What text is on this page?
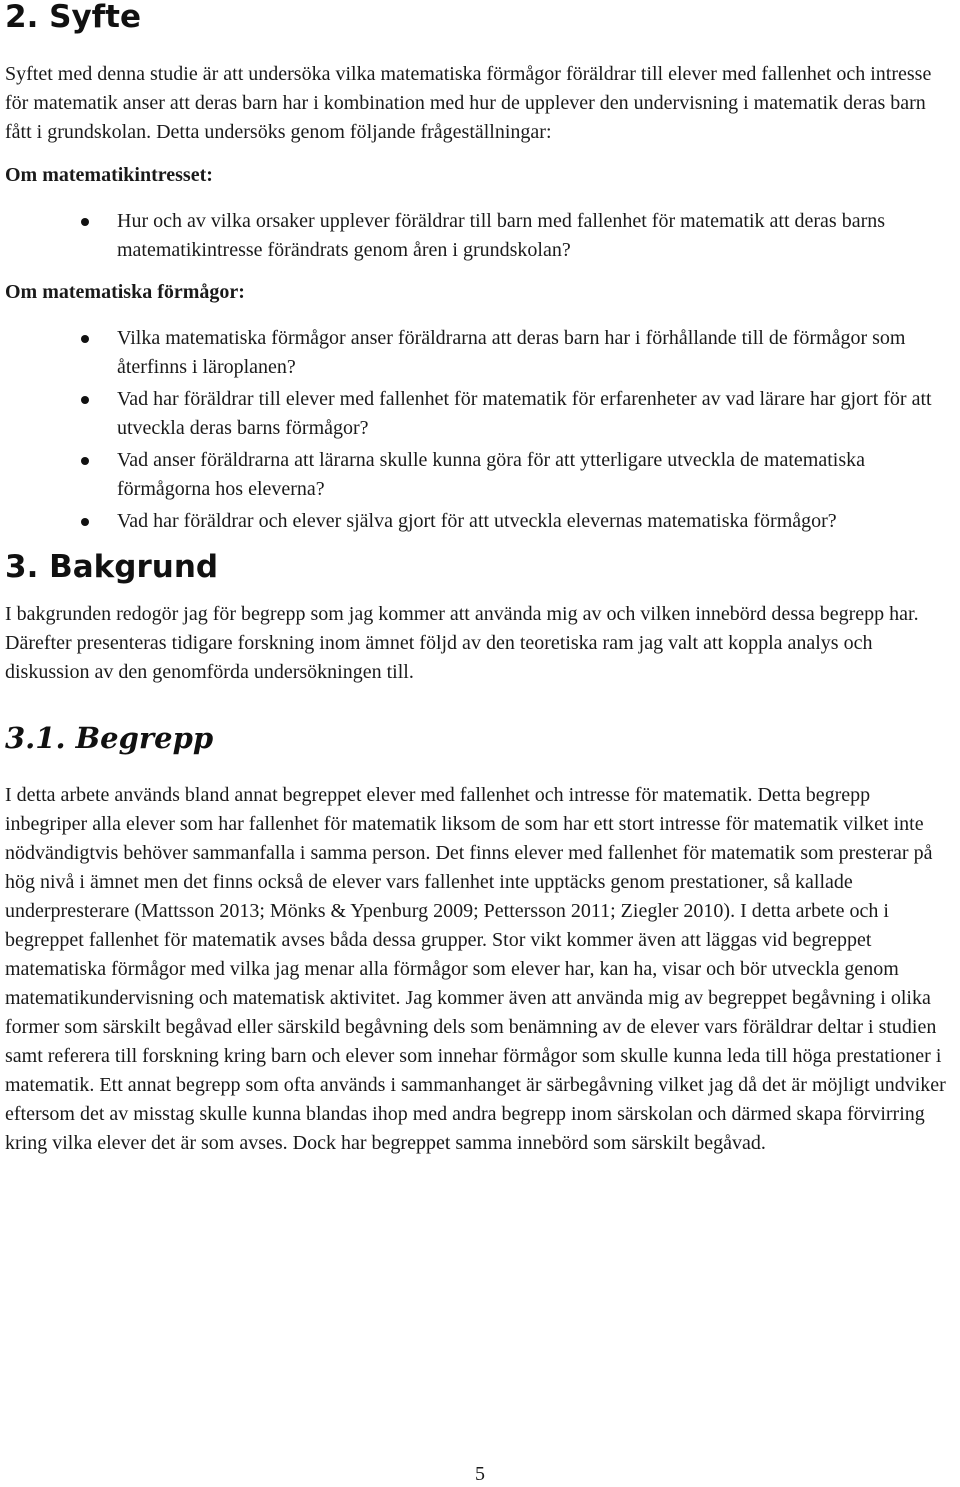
2. Syfte

Syftet med denna studie är att undersöka vilka matematiska förmågor föräldrar till elever med fallenhet och intresse för matematik anser att deras barn har i kombination med hur de upplever den undervisning i matematik deras barn fått i grundskolan. Detta undersöks genom följande frågeställningar:

Om matematikintresset:

Hur och av vilka orsaker upplever föräldrar till barn med fallenhet för matematik att deras barns matematikintresse förändrats genom åren i grundskolan?

Om matematiska förmågor:

Vilka matematiska förmågor anser föräldrarna att deras barn har i förhållande till de förmågor som återfinns i läroplanen?
Vad har föräldrar till elever med fallenhet för matematik för erfarenheter av vad lärare har gjort för att utveckla deras barns förmågor?
Vad anser föräldrarna att lärarna skulle kunna göra för att ytterligare utveckla de matematiska förmågorna hos eleverna?
Vad har föräldrar och elever själva gjort för att utveckla elevernas matematiska förmågor?
3. Bakgrund

I bakgrunden redogör jag för begrepp som jag kommer att använda mig av och vilken innebörd dessa begrepp har. Därefter presenteras tidigare forskning inom ämnet följd av den teoretiska ram jag valt att koppla analys och diskussion av den genomförda undersökningen till.

3.1. Begrepp

I detta arbete används bland annat begreppet elever med fallenhet och intresse för matematik. Detta begrepp inbegriper alla elever som har fallenhet för matematik liksom de som har ett stort intresse för matematik vilket inte nödvändigtvis behöver sammanfalla i samma person. Det finns elever med fallenhet för matematik som presterar på hög nivå i ämnet men det finns också de elever vars fallenhet inte upptäcks genom prestationer, så kallade underpresterare (Mattsson 2013; Mönks & Ypenburg 2009; Pettersson 2011; Ziegler 2010). I detta arbete och i begreppet fallenhet för matematik avses båda dessa grupper. Stor vikt kommer även att läggas vid begreppet matematiska förmågor med vilka jag menar alla förmågor som elever har, kan ha, visar och bör utveckla genom matematikundervisning och matematisk aktivitet. Jag kommer även att använda mig av begreppet begåvning i olika former som särskilt begåvad eller särskild begåvning dels som benämning av de elever vars föräldrar deltar i studien samt referera till forskning kring barn och elever som innehar förmågor som skulle kunna leda till höga prestationer i matematik. Ett annat begrepp som ofta används i sammanhanget är särbegåvning vilket jag då det är möjligt undviker eftersom det av misstag skulle kunna blandas ihop med andra begrepp inom särskolan och därmed skapa förvirring kring vilka elever det är som avses. Dock har begreppet samma innebörd som särskilt begåvad.

5
